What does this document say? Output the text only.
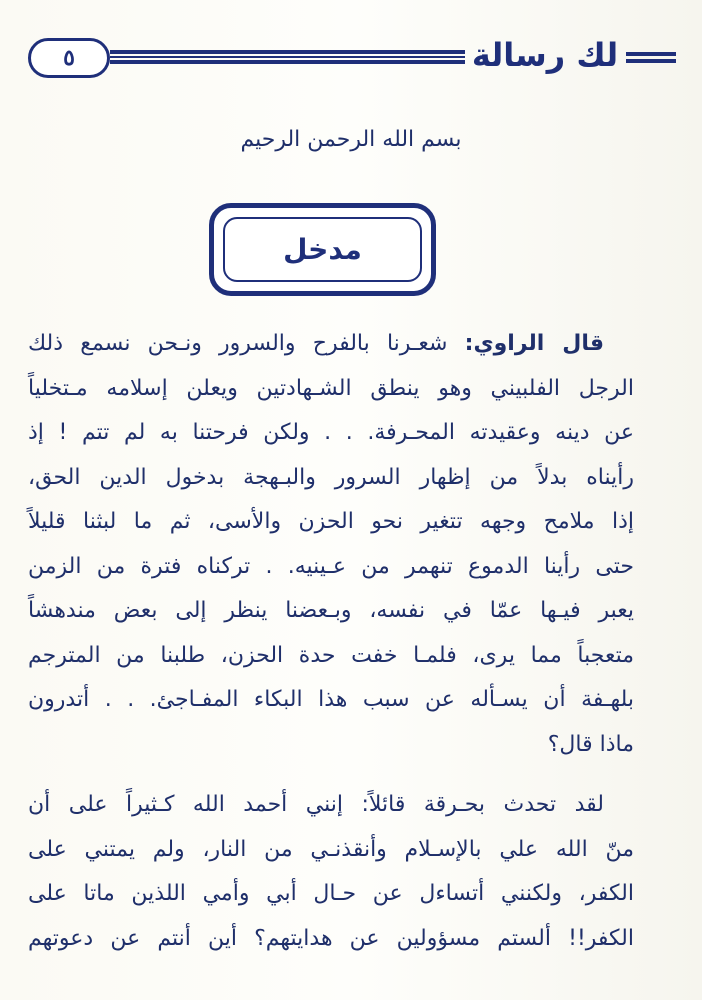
٥	لك رسالة
بسم الله الرحمن الرحيم
مدخل

قال الراوي: شعـرنا بالفرح والسرور ونـحن نسمع ذلك
الرجل الفلبيني وهو ينطق الشـهادتين ويعلن إسلامه مـتخلياً
عن دينه وعقيدته المحـرفة. . . ولكن فرحتنا به لم تتم ! إذ
رأيناه بدلاً من إظهار السرور والبـهجة بدخول الدين الحق،
إذا ملامح وجهه تتغير نحو الحزن والأسى، ثم ما لبثنا قليلاً
حتى رأينا الدموع تنهمر من عـينيه. . تركناه فترة من الزمن
يعبر فيـها عمّا في نفسه، وبـعضنا ينظر إلى بعض مندهشاً
متعجباً مما يرى، فلمـا خفت حدة الحزن، طلبنا من المترجم
بلهـفة أن يسـأله عن سبب هذا البكاء المفـاجئ. . . أتدرون
ماذا قال؟

لقد تحدث بحـرقة قائلاً: إنني أحمد الله كـثيراً على أن
منّ الله علي بالإسـلام وأنقذنـي من النار، ولم يمتني على
الكفر، ولكنني أتساءل عن حـال أبي وأمي اللذين ماتا على
الكفر!! ألستم مسؤولين عن هدايتهم؟ أين أنتم عن دعوتهم
